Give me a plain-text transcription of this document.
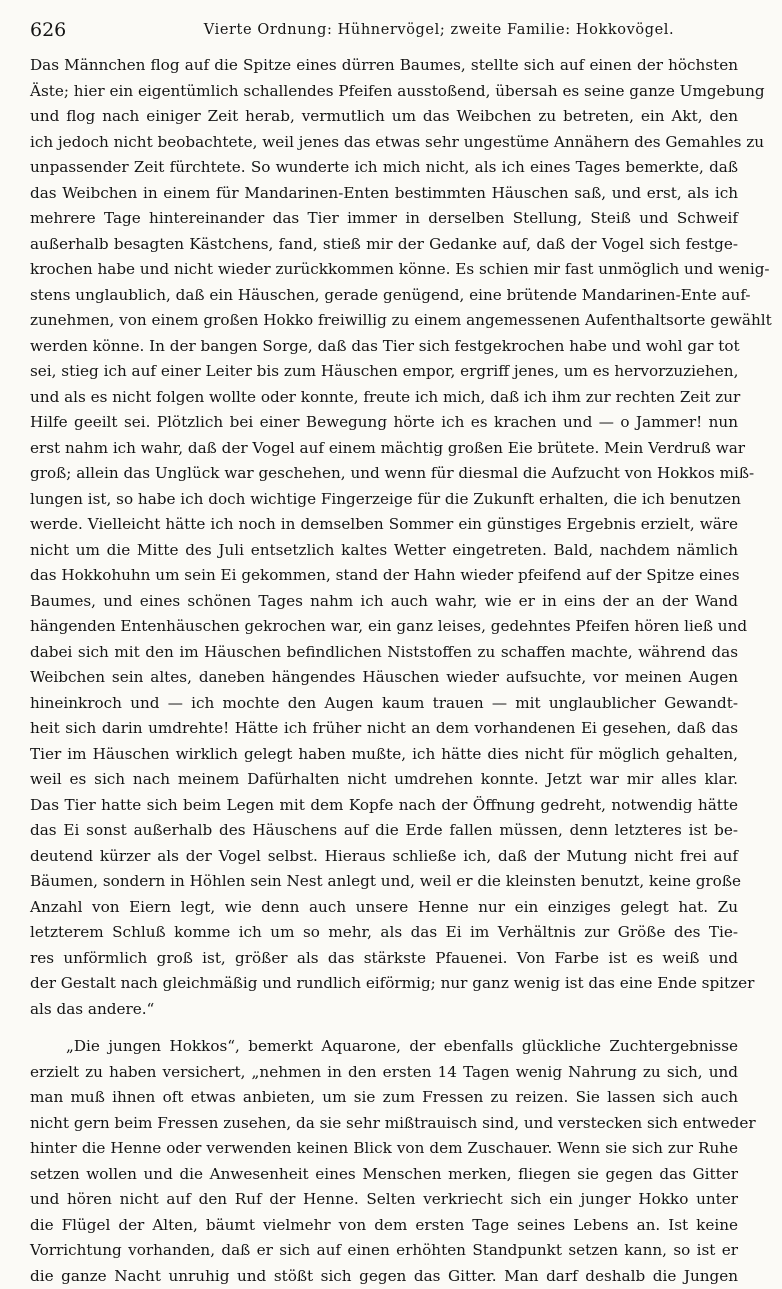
626	Vierte Ordnung: Hühnervögel; zweite Familie: Hokkovögel.
Das Männchen flog auf die Spitze eines dürren Baumes, stellte sich auf einen der höchsten
Äste; hier ein eigentümlich schallendes Pfeifen ausstoßend, übersah es seine ganze Umgebung
und flog nach einiger Zeit herab, vermutlich um das Weibchen zu betreten, ein Akt, den
ich jedoch nicht beobachtete, weil jenes das etwas sehr ungestüme Annähern des Gemahles zu
unpassender Zeit fürchtete. So wunderte ich mich nicht, als ich eines Tages bemerkte, daß
das Weibchen in einem für Mandarinen-Enten bestimmten Häuschen saß, und erst, als ich
mehrere Tage hintereinander das Tier immer in derselben Stellung, Steiß und Schweif
außerhalb besagten Kästchens, fand, stieß mir der Gedanke auf, daß der Vogel sich festge-
krochen habe und nicht wieder zurückkommen könne. Es schien mir fast unmöglich und wenig-
stens unglaublich, daß ein Häuschen, gerade genügend, eine brütende Mandarinen-Ente auf-
zunehmen, von einem großen Hokko freiwillig zu einem angemessenen Aufenthaltsorte gewählt
werden könne. In der bangen Sorge, daß das Tier sich festgekrochen habe und wohl gar tot
sei, stieg ich auf einer Leiter bis zum Häuschen empor, ergriff jenes, um es hervorzuziehen,
und als es nicht folgen wollte oder konnte, freute ich mich, daß ich ihm zur rechten Zeit zur
Hilfe geeilt sei. Plötzlich bei einer Bewegung hörte ich es krachen und — o Jammer! nun
erst nahm ich wahr, daß der Vogel auf einem mächtig großen Eie brütete. Mein Verdruß war
groß; allein das Unglück war geschehen, und wenn für diesmal die Aufzucht von Hokkos miß-
lungen ist, so habe ich doch wichtige Fingerzeige für die Zukunft erhalten, die ich benutzen
werde. Vielleicht hätte ich noch in demselben Sommer ein günstiges Ergebnis erzielt, wäre
nicht um die Mitte des Juli entsetzlich kaltes Wetter eingetreten. Bald, nachdem nämlich
das Hokkohuhn um sein Ei gekommen, stand der Hahn wieder pfeifend auf der Spitze eines
Baumes, und eines schönen Tages nahm ich auch wahr, wie er in eins der an der Wand
hängenden Entenhäuschen gekrochen war, ein ganz leises, gedehntes Pfeifen hören ließ und
dabei sich mit den im Häuschen befindlichen Niststoffen zu schaffen machte, während das
Weibchen sein altes, daneben hängendes Häuschen wieder aufsuchte, vor meinen Augen
hineinkroch und — ich mochte den Augen kaum trauen — mit unglaublicher Gewandt-
heit sich darin umdrehte! Hätte ich früher nicht an dem vorhandenen Ei gesehen, daß das
Tier im Häuschen wirklich gelegt haben mußte, ich hätte dies nicht für möglich gehalten,
weil es sich nach meinem Dafürhalten nicht umdrehen konnte. Jetzt war mir alles klar.
Das Tier hatte sich beim Legen mit dem Kopfe nach der Öffnung gedreht, notwendig hätte
das Ei sonst außerhalb des Häuschens auf die Erde fallen müssen, denn letzteres ist be-
deutend kürzer als der Vogel selbst. Hieraus schließe ich, daß der Mutung nicht frei auf
Bäumen, sondern in Höhlen sein Nest anlegt und, weil er die kleinsten benutzt, keine große
Anzahl von Eiern legt, wie denn auch unsere Henne nur ein einziges gelegt hat. Zu
letzterem Schluß komme ich um so mehr, als das Ei im Verhältnis zur Größe des Tie-
res unförmlich groß ist, größer als das stärkste Pfauenei. Von Farbe ist es weiß und
der Gestalt nach gleichmäßig und rundlich eiförmig; nur ganz wenig ist das eine Ende spitzer
als das andere.“
„Die jungen Hokkos“, bemerkt Aquarone, der ebenfalls glückliche Zuchtergebnisse
erzielt zu haben versichert, „nehmen in den ersten 14 Tagen wenig Nahrung zu sich, und
man muß ihnen oft etwas anbieten, um sie zum Fressen zu reizen. Sie lassen sich auch
nicht gern beim Fressen zusehen, da sie sehr mißtrauisch sind, und verstecken sich entweder
hinter die Henne oder verwenden keinen Blick von dem Zuschauer. Wenn sie sich zur Ruhe
setzen wollen und die Anwesenheit eines Menschen merken, fliegen sie gegen das Gitter
und hören nicht auf den Ruf der Henne. Selten verkriecht sich ein junger Hokko unter
die Flügel der Alten, bäumt vielmehr von dem ersten Tage seines Lebens an. Ist keine
Vorrichtung vorhanden, daß er sich auf einen erhöhten Standpunkt setzen kann, so ist er
die ganze Nacht unruhig und stößt sich gegen das Gitter. Man darf deshalb die Jungen
